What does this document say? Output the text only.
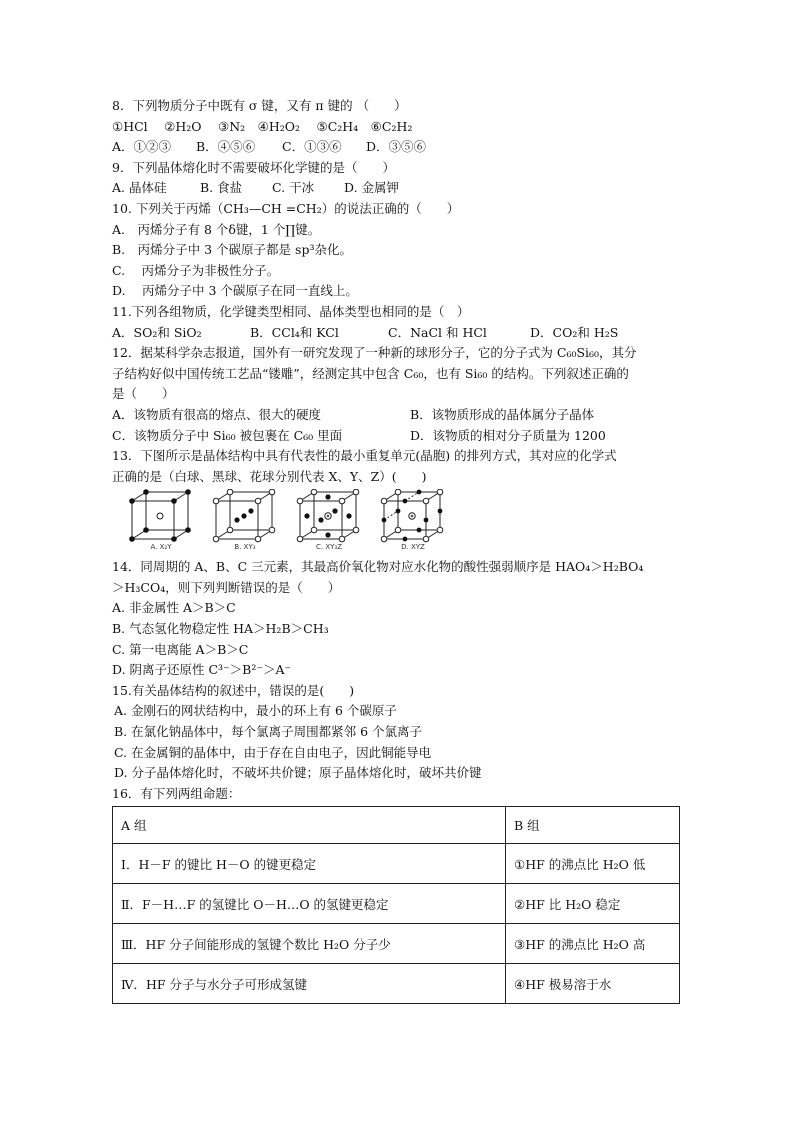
8．下列物质分子中既有 σ 键，又有 π 键的 （　　）
①HCl　 ②H₂O　 ③N₂　④H₂O₂　 ⑤C₂H₄　⑥C₂H₂
A．①②③ B．④⑤⑥ C．①③⑥ D．③⑤⑥
9．下列晶体熔化时不需要破坏化学键的是（　　）
A. 晶体硅	B. 食盐 C. 干冰 D. 金属钾
10. 下列关于丙烯（CH₃—CH =CH₂）的说法正确的（　　）
A.　丙烯分子有 8 个δ键，1 个∏键。
B.　丙烯分子中 3 个碳原子都是 sp³杂化。
C.　 丙烯分子为非极性分子。
D.　 丙烯分子中 3 个碳原子在同一直线上。
11.下列各组物质，化学键类型相同、晶体类型也相同的是（　）
A．SO₂和 SiO₂	B．CCl₄和 KCl	C．NaCl 和 HCl	D．CO₂和 H₂S
12．据某科学杂志报道，国外有一研究发现了一种新的球形分子，它的分子式为 C₆₀Si₆₀，其分
子结构好似中国传统工艺品“镂雕”，经测定其中包含 C₆₀，也有 Si₆₀ 的结构。下列叙述正确的
是（　　）
A．该物质有很高的熔点、很大的硬度	B．该物质形成的晶体属分子晶体
C．该物质分子中 Si₆₀ 被包裹在 C₆₀ 里面	D．该物质的相对分子质量为 1200
13．下图所示是晶体结构中具有代表性的最小重复单元(晶胞) 的排列方式，其对应的化学式
正确的是（白球、黑球、花球分别代表 X、Y、Z）(　　)
A. X₂Y	B. XY₃	C. XY₃Z	D. XYZ
14．同周期的 A、B、C 三元素，其最高价氧化物对应水化物的酸性强弱顺序是 HAO₄＞H₂BO₄
＞H₃CO₄，则下列判断错误的是（　　）
A. 非金属性 A＞B＞C
B. 气态氢化物稳定性 HA＞H₂B＞CH₃
C. 第一电离能 A＞B＞C
D. 阴离子还原性 C³⁻＞B²⁻＞A⁻
15.有关晶体结构的叙述中，错误的是(　　)
A. 金刚石的网状结构中，最小的环上有 6 个碳原子
B. 在氯化钠晶体中，每个氯离子周围都紧邻 6 个氯离子
C. 在金属铜的晶体中，由于存在自由电子，因此铜能导电
D. 分子晶体熔化时，不破坏共价键；原子晶体熔化时，破坏共价键
16．有下列两组命题：
A 组	B 组
Ⅰ．H－F 的键比 H－O 的键更稳定	①HF 的沸点比 H₂O 低
Ⅱ．F－H…F 的氢键比 O－H…O 的氢键更稳定	②HF 比 H₂O 稳定
Ⅲ．HF 分子间能形成的氢键个数比 H₂O 分子少	③HF 的沸点比 H₂O 高
Ⅳ．HF 分子与水分子可形成氢键	④HF 极易溶于水
